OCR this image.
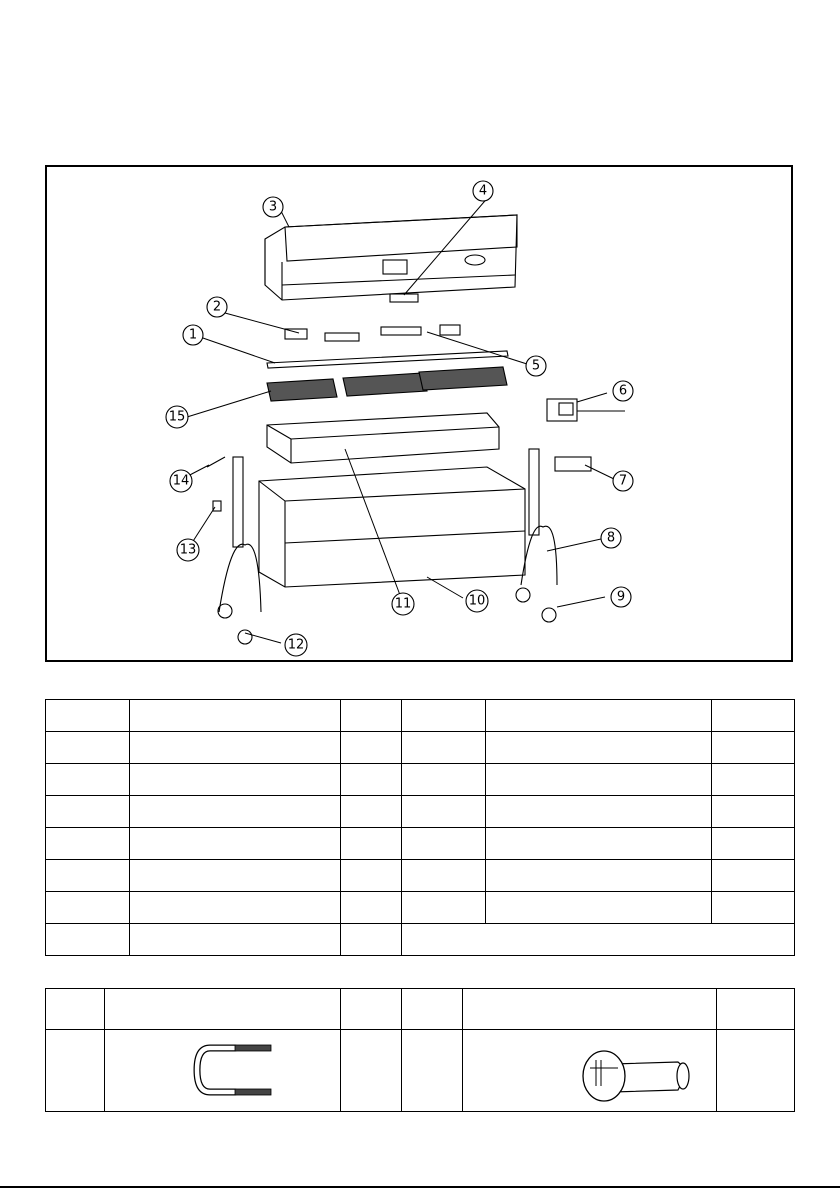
3
4
2
1
5
15
6
14	7
13
8
11	10	9
12
